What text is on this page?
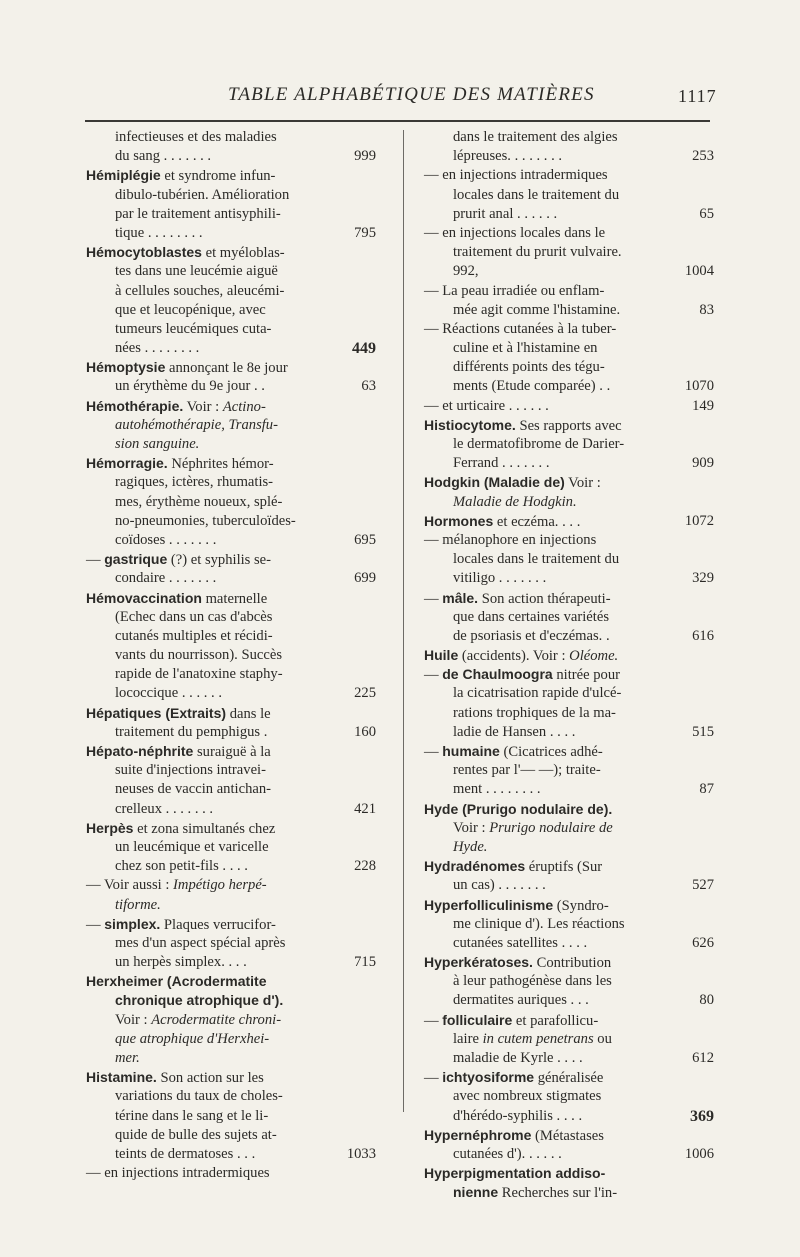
TABLE ALPHABÉTIQUE DES MATIÈRES	1117
infectieuses et des maladies
du sang . . . . . . .	999
Hémiplégie et syndrome infun-
dibulo-tubérien. Amélioration
par le traitement antisyphili-
tique . . . . . . . .	795
Hémocytoblastes et myéloblas-
tes dans une leucémie aiguë
à cellules souches, aleucémi-
que et leucopénique, avec
tumeurs leucémiques cuta-
nées . . . . . . . .	449
Hémoptysie annonçant le 8e jour
un érythème du 9e jour . .	63
Hémothérapie. Voir : Actino-
autohémothérapie, Transfu-
sion sanguine.
Hémorragie. Néphrites hémor-
ragiques, ictères, rhumatis-
mes, érythème noueux, splé-
no-pneumonies, tuberculoïdes-
coïdoses . . . . . . .	695
— gastrique (?) et syphilis se-
condaire . . . . . . .	699
Hémovaccination maternelle
(Echec dans un cas d'abcès
cutanés multiples et récidi-
vants du nourrisson). Succès
rapide de l'anatoxine staphy-
lococcique . . . . . .	225
Hépatiques (Extraits) dans le
traitement du pemphigus .	160
Hépato-néphrite suraiguë à la
suite d'injections intravei-
neuses de vaccin antichan-
crelleux . . . . . . .	421
Herpès et zona simultanés chez
un leucémique et varicelle
chez son petit-fils . . . .	228
— Voir aussi : Impétigo herpé-
tiforme.
— simplex. Plaques verrucifor-
mes d'un aspect spécial après
un herpès simplex. . . .	715
Herxheimer (Acrodermatite
chronique atrophique d').
Voir : Acrodermatite chroni-
que atrophique d'Herxhei-
mer.
Histamine. Son action sur les
variations du taux de choles-
térine dans le sang et le li-
quide de bulle des sujets at-
teints de dermatoses . . .	1033
— en injections intradermiques
dans le traitement des algies
lépreuses. . . . . . . .	253
— en injections intradermiques
locales dans le traitement du
prurit anal . . . . . .	65
— en injections locales dans le
traitement du prurit vulvaire.
992,	1004
— La peau irradiée ou enflam-
mée agit comme l'histamine.	83
— Réactions cutanées à la tuber-
culine et à l'histamine en
différents points des tégu-
ments (Etude comparée) . .	1070
— et urticaire . . . . . .	149
Histiocytome. Ses rapports avec
le dermatofibrome de Darier-
Ferrand . . . . . . .	909
Hodgkin (Maladie de) Voir :
Maladie de Hodgkin.
Hormones et eczéma. . . .	1072
— mélanophore en injections
locales dans le traitement du
vitiligo . . . . . . .	329
— mâle. Son action thérapeuti-
que dans certaines variétés
de psoriasis et d'eczémas. .	616
Huile (accidents). Voir : Oléome.
— de Chaulmoogra nitrée pour
la cicatrisation rapide d'ulcé-
rations trophiques de la ma-
ladie de Hansen . . . .	515
— humaine (Cicatrices adhé-
rentes par l'— —); traite-
ment . . . . . . . .	87
Hyde (Prurigo nodulaire de).
Voir : Prurigo nodulaire de
Hyde.
Hydradénomes éruptifs (Sur
un cas) . . . . . . .	527
Hyperfolliculinisme (Syndro-
me clinique d'). Les réactions
cutanées satellites . . . .	626
Hyperkératoses. Contribution
à leur pathogénèse dans les
dermatites auriques . . .	80
— folliculaire et parafollicu-
laire in cutem penetrans ou
maladie de Kyrle . . . .	612
— ichtyosiforme généralisée
avec nombreux stigmates
d'hérédo-syphilis . . . .	369
Hypernéphrome (Métastases
cutanées d'). . . . . .	1006
Hyperpigmentation addiso-
nienne Recherches sur l'in-
